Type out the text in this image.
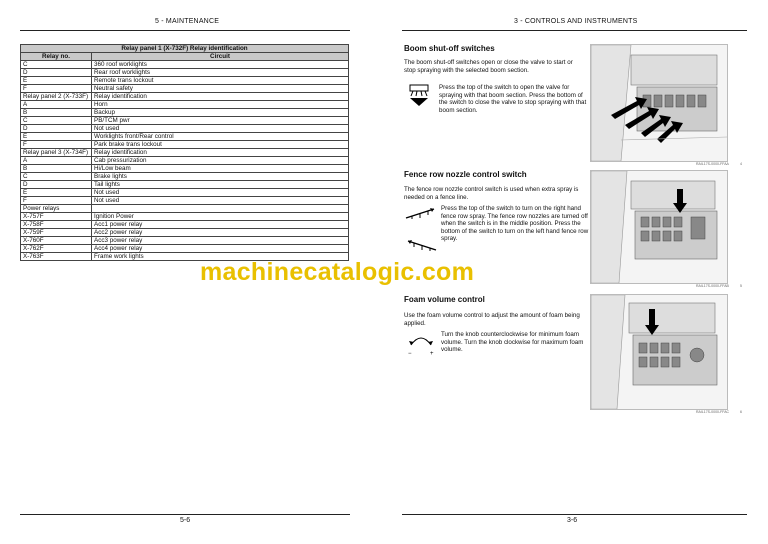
5 - MAINTENANCE
Relay panel 1 (X-732F) Relay identification	
Relay no.	Circuit
C	360 roof worklights
D	Rear roof worklights
E	Remote trans lockout
F	Neutral safety
Relay panel 2 (X-733F)	Relay identification
A	Horn
B	Backup
C	PB/TCM pwr
D	Not used
E	Worklights front/Rear control
F	Park brake trans lockout
Relay panel 3 (X-734F)	Relay identification
A	Cab pressurization
B	Hi/Low beam
C	Brake lights
D	Tail lights
E	Not used
F	Not used
Power relays	
X-757F	Ignition Power
X-758F	Acc1 power relay
X-759F	Acc2 power relay
X-760F	Acc3 power relay
X-762F	Acc4 power relay
X-763F	Frame work lights
5-6
3 - CONTROLS AND INSTRUMENTS
Boom shut-off switches
The boom shut-off switches open or close the valve to start or stop spraying with the selected boom section.
Press the top of the switch to open the valve for spraying with that boom section. Press the bottom of the switch to close the valve to stop spraying with that boom section.
RAIL17S-0000-FFAA	4
Fence row nozzle control switch
The fence row nozzle control switch is used when extra spray is needed on a fence line.
Press the top of the switch to turn on the right hand fence row spray. The fence row nozzles are turned off when the switch is in the middle position. Press the bottom of the switch to turn on the left hand fence row spray.
RAIL17S-0000-FFAB	5
Foam volume control
Use the foam volume control to adjust the amount of foam being applied.
−	+
Turn the knob counterclockwise for minimum foam volume. Turn the knob clockwise for maximum foam volume.
RAIL17S-0000-FFAC	6
3-6
machinecatalogic.com
